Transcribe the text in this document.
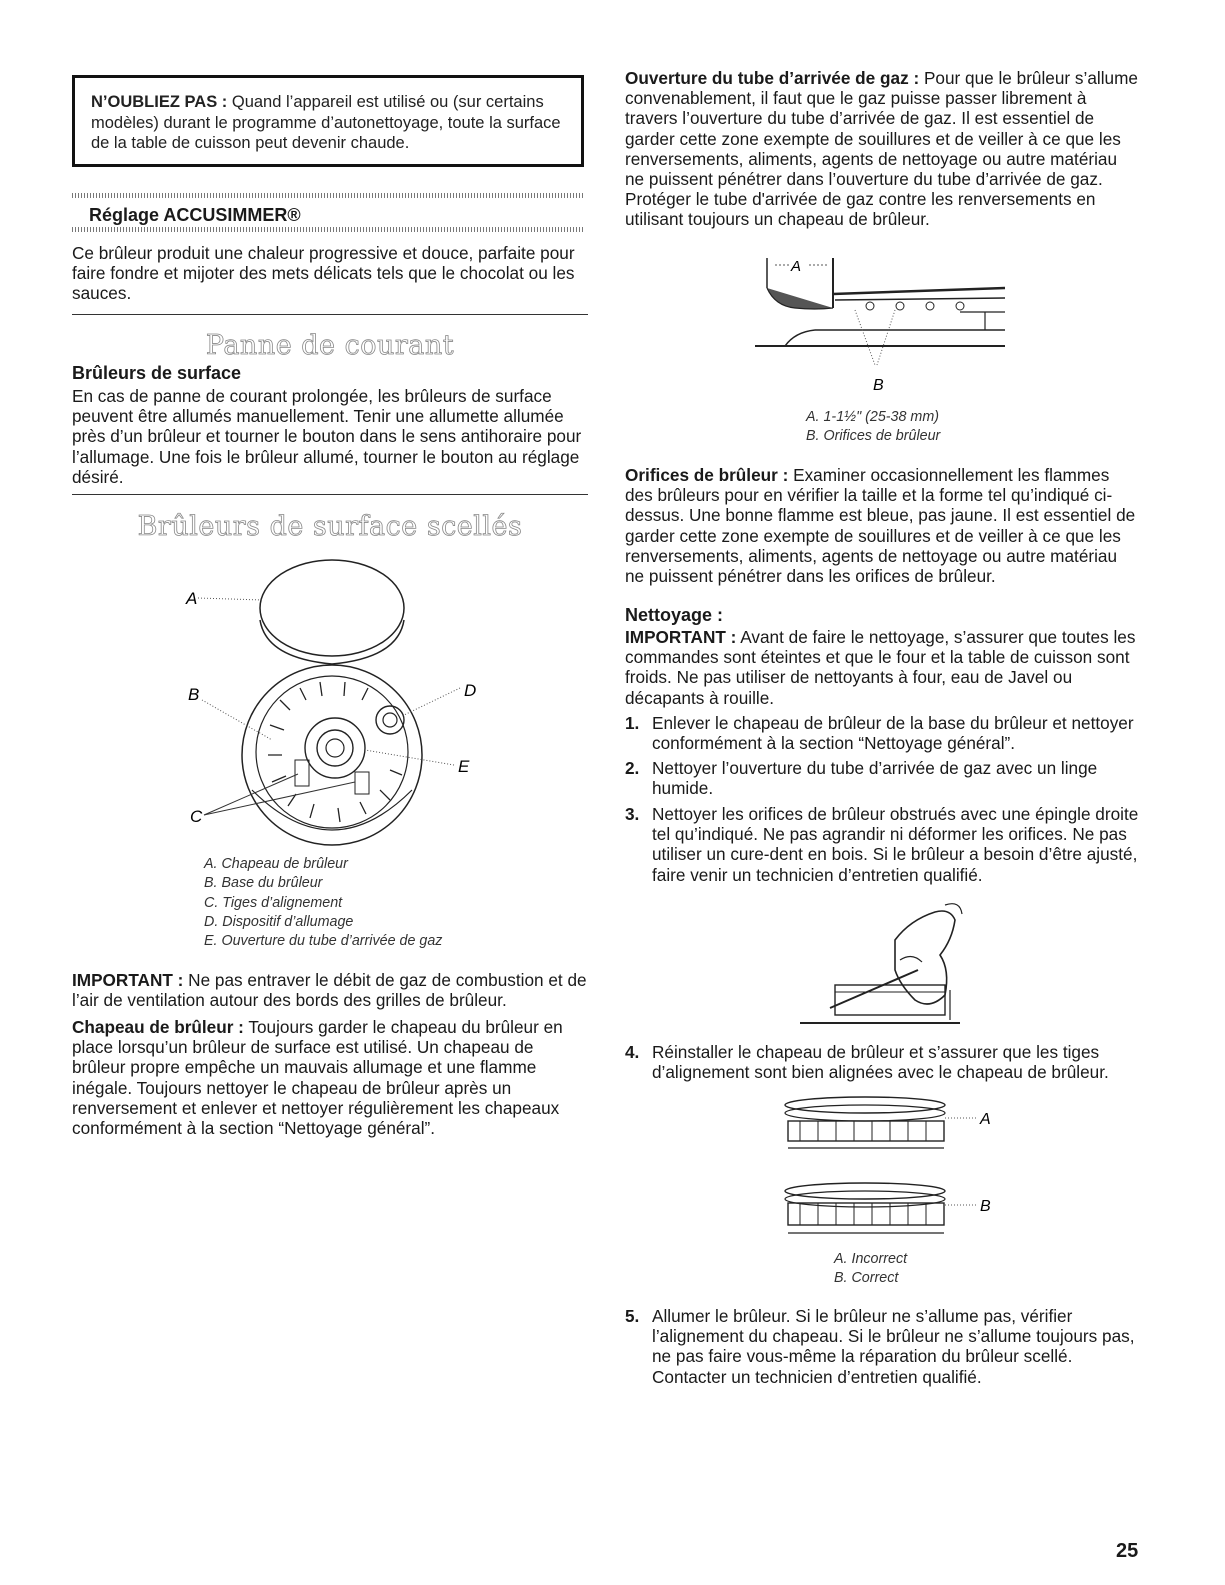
N’OUBLIEZ PAS : Quand l’appareil est utilisé ou (sur certains modèles) durant le programme d’autonettoyage, toute la surface de la table de cuisson peut devenir chaude.
Réglage ACCUSIMMER®

Ce brûleur produit une chaleur progressive et douce, parfaite pour faire fondre et mijoter des mets délicats tels que le chocolat ou les sauces.

Panne de courant
Brûleurs de surface

En cas de panne de courant prolongée, les brûleurs de surface peuvent être allumés manuellement. Tenir une allumette allumée près d’un brûleur et tourner le bouton dans le sens antihoraire pour l’allumage. Une fois le brûleur allumé, tourner le bouton au réglage désiré.

Brûleurs de surface scellés
A
B
C
D
E
A. Chapeau de brûleur
B. Base du brûleur
C. Tiges d’alignement
D. Dispositif d’allumage
E. Ouverture du tube d’arrivée de gaz

IMPORTANT : Ne pas entraver le débit de gaz de combustion et de l’air de ventilation autour des bords des grilles de brûleur.

Chapeau de brûleur : Toujours garder le chapeau du brûleur en place lorsqu’un brûleur de surface est utilisé. Un chapeau de brûleur propre empêche un mauvais allumage et une flamme inégale. Toujours nettoyer le chapeau de brûleur après un renversement et enlever et nettoyer régulièrement les chapeaux conformément à la section “Nettoyage général”.

Ouverture du tube d’arrivée de gaz : Pour que le brûleur s’allume convenablement, il faut que le gaz puisse passer librement à travers l’ouverture du tube d’arrivée de gaz. Il est essentiel de garder cette zone exempte de souillures et de veiller à ce que les renversements, aliments, agents de nettoyage ou autre matériau ne puissent pénétrer dans l’ouverture du tube d’arrivée de gaz. Protéger le tube d'arrivée de gaz contre les renversements en utilisant toujours un chapeau de brûleur.

A
B
A. 1-1½" (25-38 mm)
B. Orifices de brûleur

Orifices de brûleur : Examiner occasionnellement les flammes des brûleurs pour en vérifier la taille et la forme tel qu’indiqué ci-dessus. Une bonne flamme est bleue, pas jaune. Il est essentiel de garder cette zone exempte de souillures et de veiller à ce que les renversements, aliments, agents de nettoyage ou autre matériau ne puissent pénétrer dans les orifices de brûleur.

Nettoyage :

IMPORTANT : Avant de faire le nettoyage, s’assurer que toutes les commandes sont éteintes et que le four et la table de cuisson sont froids. Ne pas utiliser de nettoyants à four, eau de Javel ou décapants à rouille.

1. Enlever le chapeau de brûleur de la base du brûleur et nettoyer conformément à la section “Nettoyage général”.
2. Nettoyer l’ouverture du tube d’arrivée de gaz avec un linge humide.
3. Nettoyer les orifices de brûleur obstrués avec une épingle droite tel qu’indiqué. Ne pas agrandir ni déformer les orifices. Ne pas utiliser un cure-dent en bois. Si le brûleur a besoin d’être ajusté, faire venir un technicien d’entretien qualifié.
4. Réinstaller le chapeau de brûleur et s’assurer que les tiges d’alignement sont bien alignées avec le chapeau de brûleur.
A
B
A. Incorrect
B. Correct
5. Allumer le brûleur. Si le brûleur ne s’allume pas, vérifier l’alignement du chapeau. Si le brûleur ne s’allume toujours pas, ne pas faire vous-même la réparation du brûleur scellé. Contacter un technicien d’entretien qualifié.
25
